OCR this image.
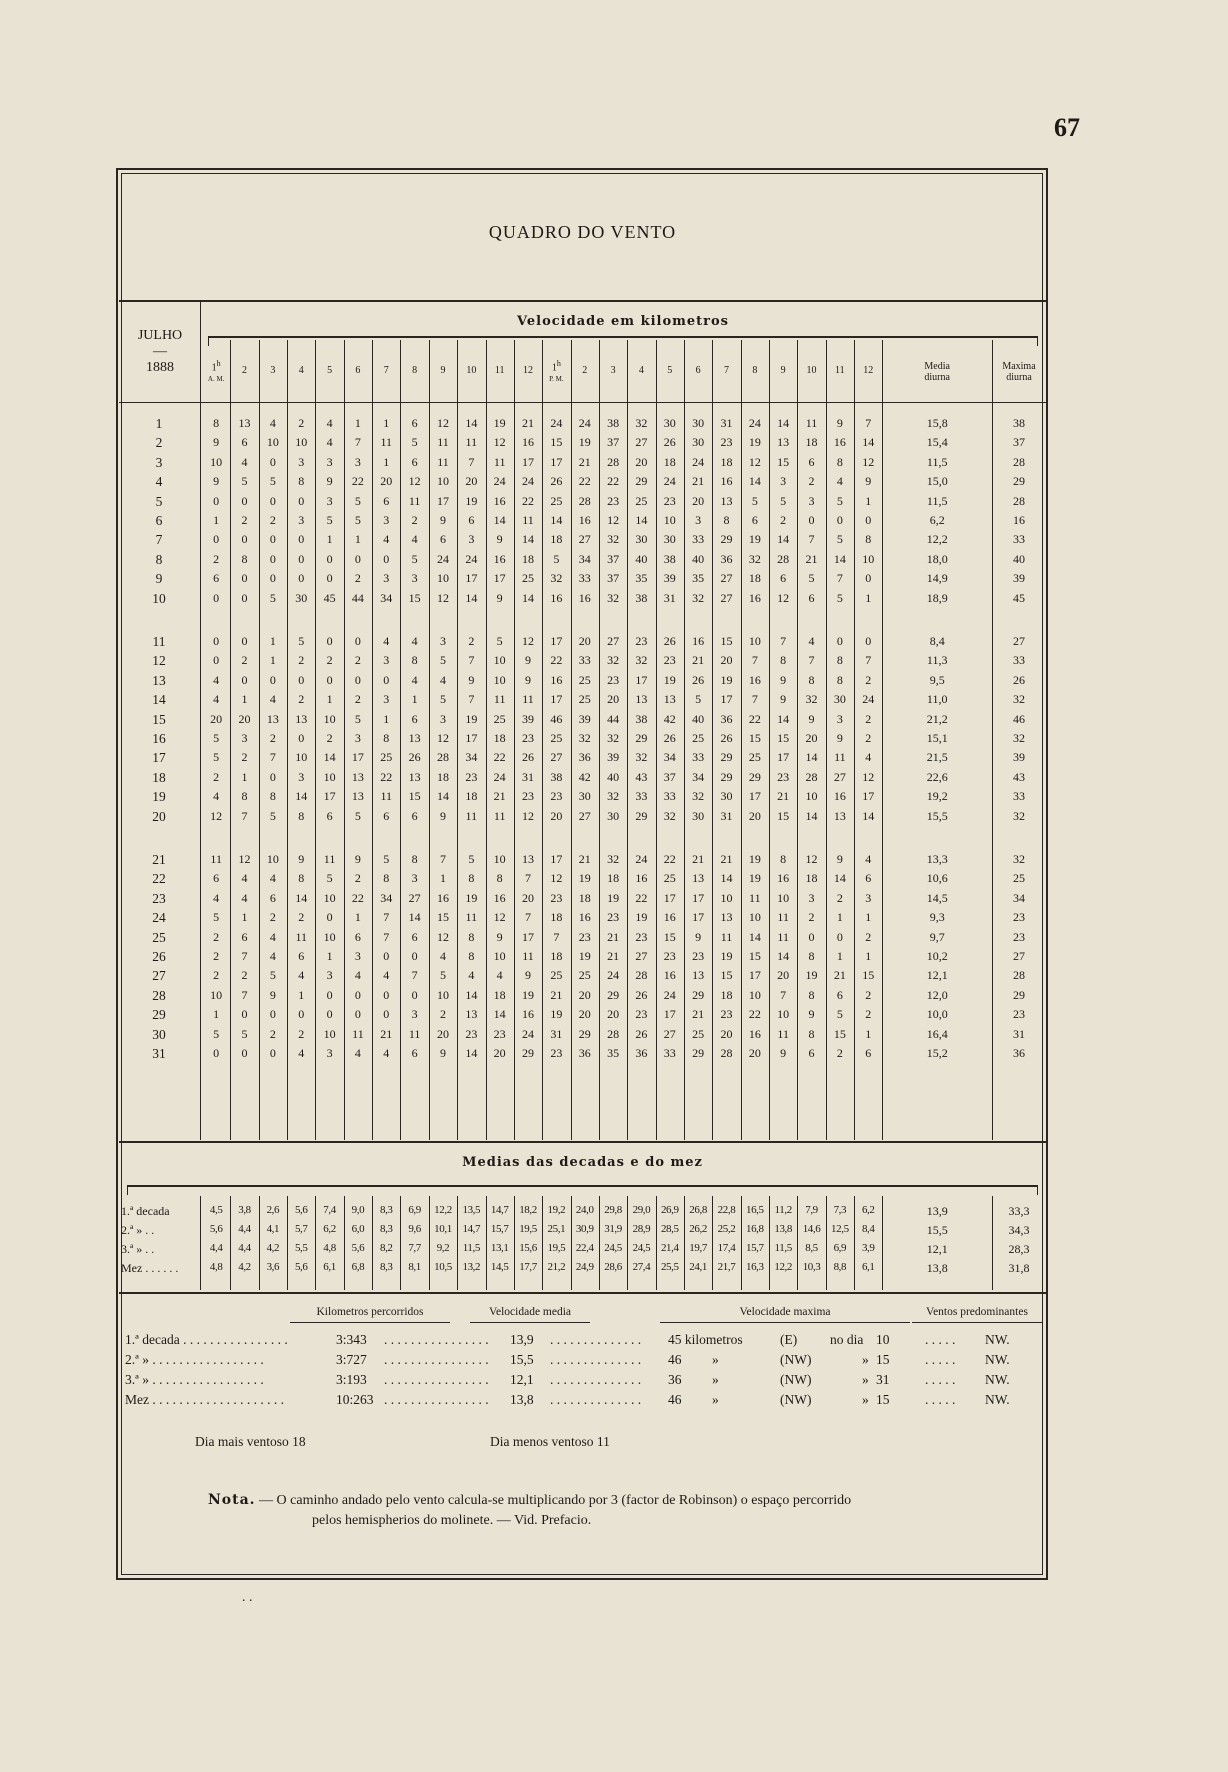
67
QUADRO DO VENTO
JULHO
—
1888
Velocidade em kilometros
1$^h$
A. M.
2	3	4	5	6	7	8	9	10	11	12	1$^h$
P. M.
2	3	4	5	6	7	8	9	10	11	12	Media
diurna
Maxima
diurna
1	8	13	4	2	4	1	1	6	12	14	19	21	24	24	38	32	30	30	31	24	14	11	9	7	15,8	38
2	9	6	10	10	4	7	11	5	11	11	12	16	15	19	37	27	26	30	23	19	13	18	16	14	15,4	37
3	10	4	0	3	3	3	1	6	11	7	11	17	17	21	28	20	18	24	18	12	15	6	8	12	11,5	28
4	9	5	5	8	9	22	20	12	10	20	24	24	26	22	22	29	24	21	16	14	3	2	4	9	15,0	29
5	0	0	0	0	3	5	6	11	17	19	16	22	25	28	23	25	23	20	13	5	5	3	5	1	11,5	28
6	1	2	2	3	5	5	3	2	9	6	14	11	14	16	12	14	10	3	8	6	2	0	0	0	6,2	16
7	0	0	0	0	1	1	4	4	6	3	9	14	18	27	32	30	30	33	29	19	14	7	5	8	12,2	33
8	2	8	0	0	0	0	0	5	24	24	16	18	5	34	37	40	38	40	36	32	28	21	14	10	18,0	40
9	6	0	0	0	0	2	3	3	10	17	17	25	32	33	37	35	39	35	27	18	6	5	7	0	14,9	39
10	0	0	5	30	45	44	34	15	12	14	9	14	16	16	32	38	31	32	27	16	12	6	5	1	18,9	45
11	0	0	1	5	0	0	4	4	3	2	5	12	17	20	27	23	26	16	15	10	7	4	0	0	8,4	27
12	0	2	1	2	2	2	3	8	5	7	10	9	22	33	32	32	23	21	20	7	8	7	8	7	11,3	33
13	4	0	0	0	0	0	0	4	4	9	10	9	16	25	23	17	19	26	19	16	9	8	8	2	9,5	26
14	4	1	4	2	1	2	3	1	5	7	11	11	17	25	20	13	13	5	17	7	9	32	30	24	11,0	32
15	20	20	13	13	10	5	1	6	3	19	25	39	46	39	44	38	42	40	36	22	14	9	3	2	21,2	46
16	5	3	2	0	2	3	8	13	12	17	18	23	25	32	32	29	26	25	26	15	15	20	9	2	15,1	32
17	5	2	7	10	14	17	25	26	28	34	22	26	27	36	39	32	34	33	29	25	17	14	11	4	21,5	39
18	2	1	0	3	10	13	22	13	18	23	24	31	38	42	40	43	37	34	29	29	23	28	27	12	22,6	43
19	4	8	8	14	17	13	11	15	14	18	21	23	23	30	32	33	33	32	30	17	21	10	16	17	19,2	33
20	12	7	5	8	6	5	6	6	9	11	11	12	20	27	30	29	32	30	31	20	15	14	13	14	15,5	32
21	11	12	10	9	11	9	5	8	7	5	10	13	17	21	32	24	22	21	21	19	8	12	9	4	13,3	32
22	6	4	4	8	5	2	8	3	1	8	8	7	12	19	18	16	25	13	14	19	16	18	14	6	10,6	25
23	4	4	6	14	10	22	34	27	16	19	16	20	23	18	19	22	17	17	10	11	10	3	2	3	14,5	34
24	5	1	2	2	0	1	7	14	15	11	12	7	18	16	23	19	16	17	13	10	11	2	1	1	9,3	23
25	2	6	4	11	10	6	7	6	12	8	9	17	7	23	21	23	15	9	11	14	11	0	0	2	9,7	23
26	2	7	4	6	1	3	0	0	4	8	10	11	18	19	21	27	23	23	19	15	14	8	1	1	10,2	27
27	2	2	5	4	3	4	4	7	5	4	4	9	25	25	24	28	16	13	15	17	20	19	21	15	12,1	28
28	10	7	9	1	0	0	0	0	10	14	18	19	21	20	29	26	24	29	18	10	7	8	6	2	12,0	29
29	1	0	0	0	0	0	0	3	2	13	14	16	19	20	20	23	17	21	23	22	10	9	5	2	10,0	23
30	5	5	2	2	10	11	21	11	20	23	23	24	31	29	28	26	27	25	20	16	11	8	15	1	16,4	31
31	0	0	0	4	3	4	4	6	9	14	20	29	23	36	35	36	33	29	28	20	9	6	2	6	15,2	36
Medias das decadas e do mez
1.ª decada	4,5	3,8	2,6	5,6	7,4	9,0	8,3	6,9	12,2 13,5 14,7 18,2 19,2 24,0 29,8 29,0 26,9 26,8 22,8 16,5 11,2	7,9	7,3	6,2	13,9	33,3
2.ª » . .	5,6	4,4	4,1	5,7	6,2	6,0	8,3	9,6	10,1 14,7 15,7 19,5 25,1 30,9 31,9 28,9 28,5 26,2 25,2 16,8 13,8 14,6 12,5	8,4	15,5	34,3
3.ª » . .	4,4	4,4	4,2	5,5	4,8	5,6	8,2	7,7	9,2	11,5 13,1 15,6 19,5 22,4 24,5 24,5 21,4 19,7 17,4 15,7 11,5	8,5	6,9	3,9	12,1	28,3
Mez . . . . . .	4,8	4,2	3,6	5,6	6,1	6,8	8,3	8,1	10,5 13,2 14,5 17,7 21,2 24,9 28,6 27,4 25,5 24,1 21,7 16,3 12,2 10,3	8,8	6,1	13,8	31,8
Kilometros percorridos	Velocidade media	Velocidade maxima	Ventos predominantes
1.ª decada . . . . . . . . . . . . . . . .	3:343 . . . . . . . . . . . . . . . .	13,9 . . . . . . . . . . . . . .	45 kilometros	(E) no dia 10	. . . . . NW.
2.ª » . . . . . . . . . . . . . . . . .	3:727 . . . . . . . . . . . . . . . .	15,5 . . . . . . . . . . . . . .	46 »	(NW)	» 15	. . . . . NW.
3.ª » . . . . . . . . . . . . . . . . .	3:193 . . . . . . . . . . . . . . . .	12,1 . . . . . . . . . . . . . .	36 »	(NW)	» 31	. . . . . NW.
Mez . . . . . . . . . . . . . . . . . . . .	10:263 . . . . . . . . . . . . . . . .	13,8 . . . . . . . . . . . . . .	46 »	(NW)	» 15	. . . . . NW.
Dia mais ventoso 18	Dia menos ventoso 11
Nota. — O caminho andado pelo vento calcula-se multiplicando por 3 (factor de Robinson) o espaço percorrido
pelos hemispherios do molinete. — Vid. Prefacio.
. .
